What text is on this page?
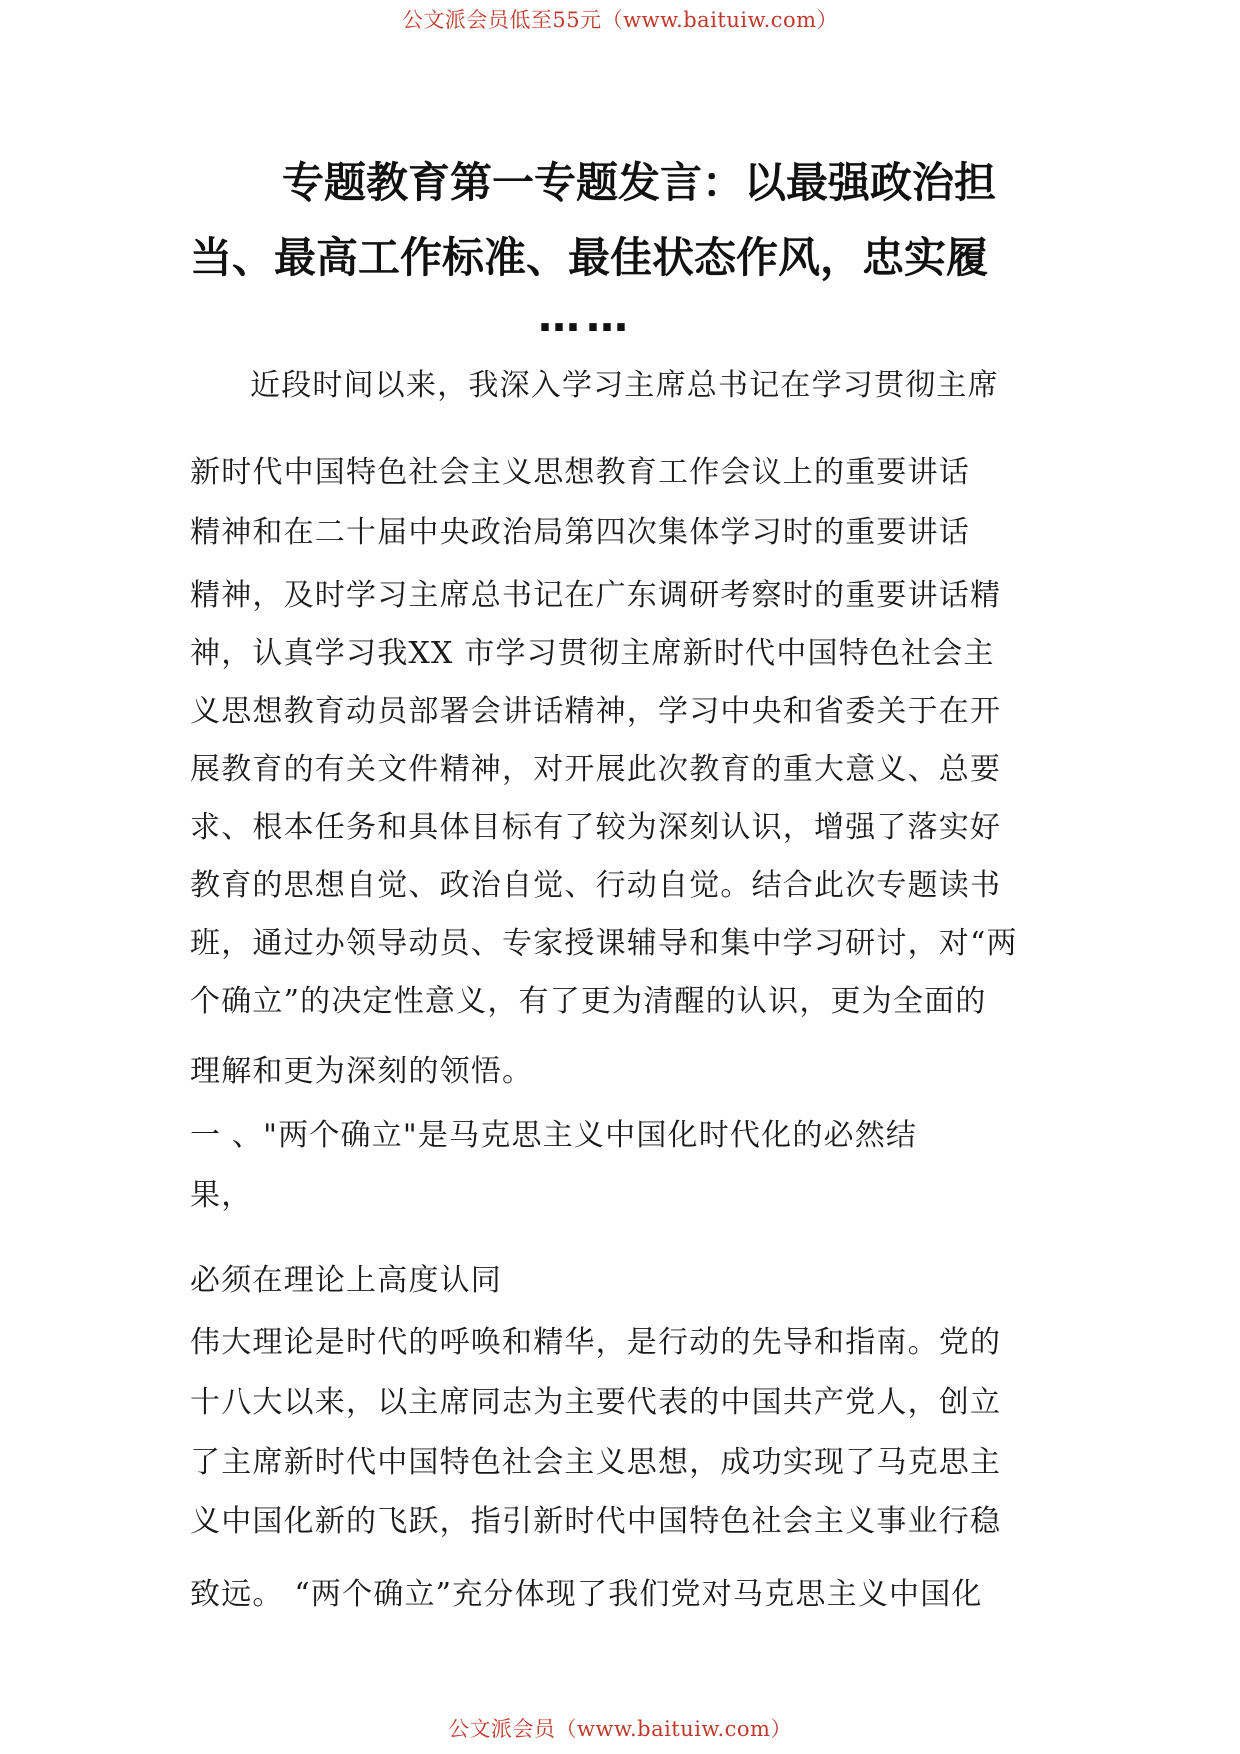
公文派会员低至55元（www.baituiw.com）
专题教育第一专题发言：以最强政治担
当、最高工作标准、最佳状态作风，忠实履
……
近段时间以来，我深入学习主席总书记在学习贯彻主席
新时代中国特色社会主义思想教育工作会议上的重要讲话
精神和在二十届中央政治局第四次集体学习时的重要讲话
精神，及时学习主席总书记在广东调研考察时的重要讲话精
神，认真学习我XX 市学习贯彻主席新时代中国特色社会主
义思想教育动员部署会讲话精神，学习中央和省委关于在开
展教育的有关文件精神，对开展此次教育的重大意义、总要
求、根本任务和具体目标有了较为深刻认识，增强了落实好
教育的思想自觉、政治自觉、行动自觉。结合此次专题读书
班，通过办领导动员、专家授课辅导和集中学习研讨，对“两
个确立”的决定性意义，有了更为清醒的认识，更为全面的
理解和更为深刻的领悟。
一 、"两个确立"是马克思主义中国化时代化的必然结
果，
必须在理论上高度认同
伟大理论是时代的呼唤和精华，是行动的先导和指南。党的
十八大以来，以主席同志为主要代表的中国共产党人，创立
了主席新时代中国特色社会主义思想，成功实现了马克思主
义中国化新的飞跃，指引新时代中国特色社会主义事业行稳
致远。 “两个确立”充分体现了我们党对马克思主义中国化
公文派会员（www.baituiw.com）
